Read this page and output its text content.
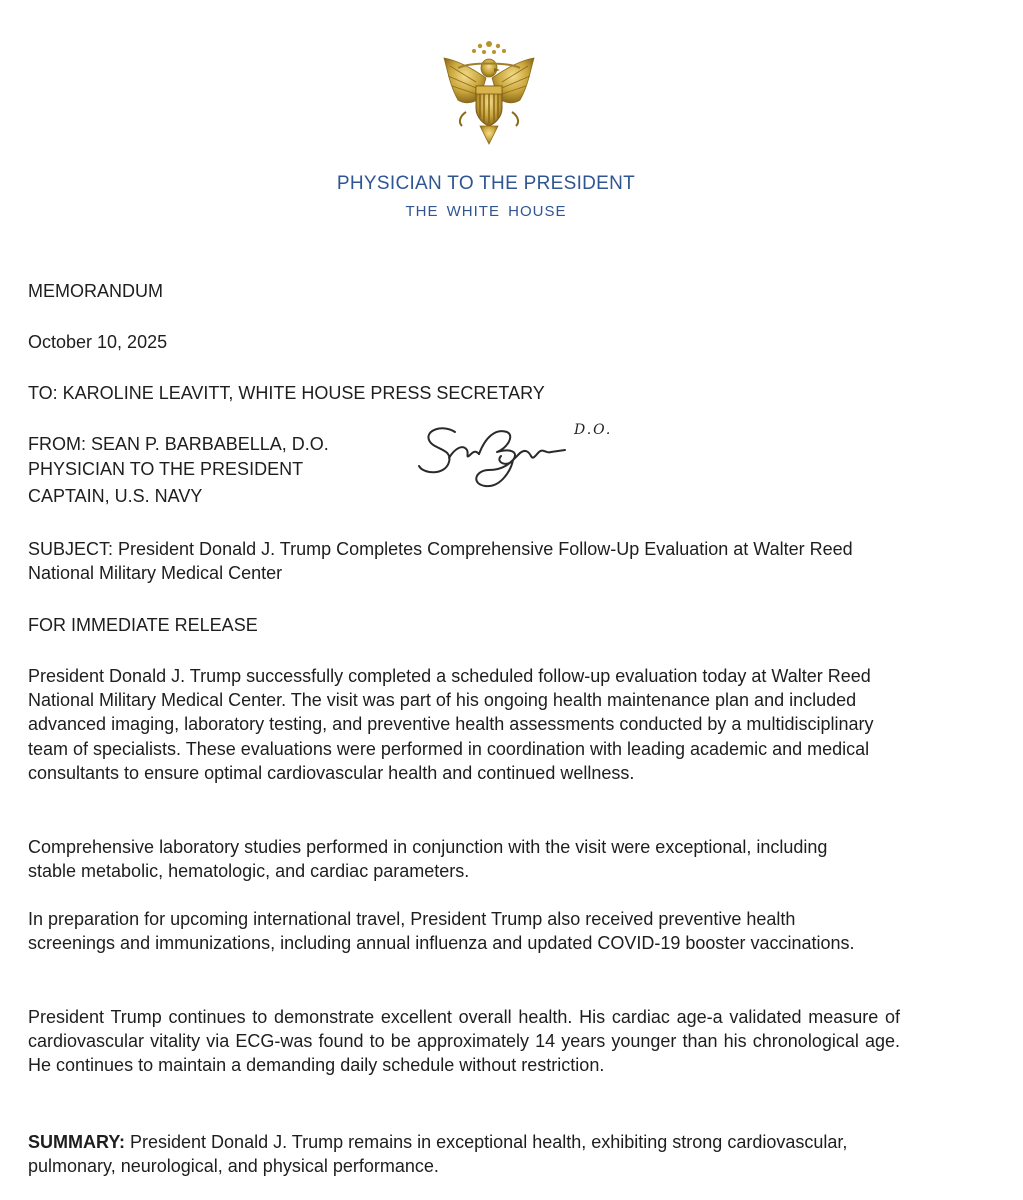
PHYSICIAN TO THE PRESIDENT
THE WHITE HOUSE
MEMORANDUM
October 10, 2025
TO: KAROLINE LEAVITT, WHITE HOUSE PRESS SECRETARY
FROM: SEAN P. BARBABELLA, D.O.
PHYSICIAN TO THE PRESIDENT
CAPTAIN, U.S. NAVY
D.O.
SUBJECT: President Donald J. Trump Completes Comprehensive Follow-Up Evaluation at Walter Reed National Military Medical Center
FOR IMMEDIATE RELEASE
President Donald J. Trump successfully completed a scheduled follow-up evaluation today at Walter Reed National Military Medical Center. The visit was part of his ongoing health maintenance plan and included advanced imaging, laboratory testing, and preventive health assessments conducted by a multidisciplinary team of specialists. These evaluations were performed in coordination with leading academic and medical consultants to ensure optimal cardiovascular health and continued wellness.
Comprehensive laboratory studies performed in conjunction with the visit were exceptional, including stable metabolic, hematologic, and cardiac parameters.
In preparation for upcoming international travel, President Trump also received preventive health screenings and immunizations, including annual influenza and updated COVID-19 booster vaccinations.
President Trump continues to demonstrate excellent overall health. His cardiac age-a validated measure of cardiovascular vitality via ECG-was found to be approximately 14 years younger than his chronological age. He continues to maintain a demanding daily schedule without restriction.
SUMMARY: President Donald J. Trump remains in exceptional health, exhibiting strong cardiovascular, pulmonary, neurological, and physical performance.
